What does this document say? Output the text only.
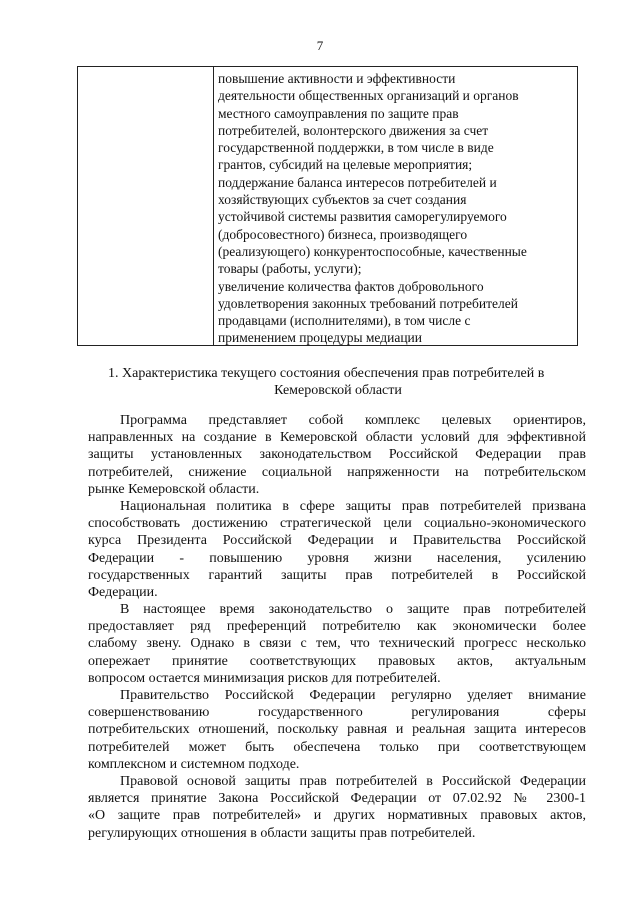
7
повышение активности и эффективности
деятельности общественных организаций и органов
местного самоуправления по защите прав
потребителей, волонтерского движения за счет
государственной поддержки, в том числе в виде
грантов, субсидий на целевые мероприятия;
поддержание баланса интересов потребителей и
хозяйствующих субъектов за счет создания
устойчивой системы развития саморегулируемого
(добросовестного) бизнеса, производящего
(реализующего) конкурентоспособные, качественные
товары (работы, услуги);
увеличение количества фактов добровольного
удовлетворения законных требований потребителей
продавцами (исполнителями), в том числе с
применением процедуры медиации
1. Характеристика текущего состояния обеспечения прав потребителей в
Кемеровской области
Программа представляет собой комплекс целевых ориентиров,
направленных на создание в Кемеровской области условий для эффективной
защиты установленных законодательством Российской Федерации прав
потребителей, снижение социальной напряженности на потребительском
рынке Кемеровской области.
Национальная политика в сфере защиты прав потребителей призвана
способствовать достижению стратегической цели социально-экономического
курса Президента Российской Федерации и Правительства Российской
Федерации - повышению уровня жизни населения, усилению
государственных гарантий защиты прав потребителей в Российской
Федерации.
В настоящее время законодательство о защите прав потребителей
предоставляет ряд преференций потребителю как экономически более
слабому звену. Однако в связи с тем, что технический прогресс несколько
опережает принятие соответствующих правовых актов, актуальным
вопросом остается минимизация рисков для потребителей.
Правительство Российской Федерации регулярно уделяет внимание
совершенствованию государственного регулирования сферы
потребительских отношений, поскольку равная и реальная защита интересов
потребителей может быть обеспечена только при соответствующем
комплексном и системном подходе.
Правовой основой защиты прав потребителей в Российской Федерации
является принятие Закона Российской Федерации от 07.02.92 № 2300-1
«О защите прав потребителей» и других нормативных правовых актов,
регулирующих отношения в области защиты прав потребителей.
